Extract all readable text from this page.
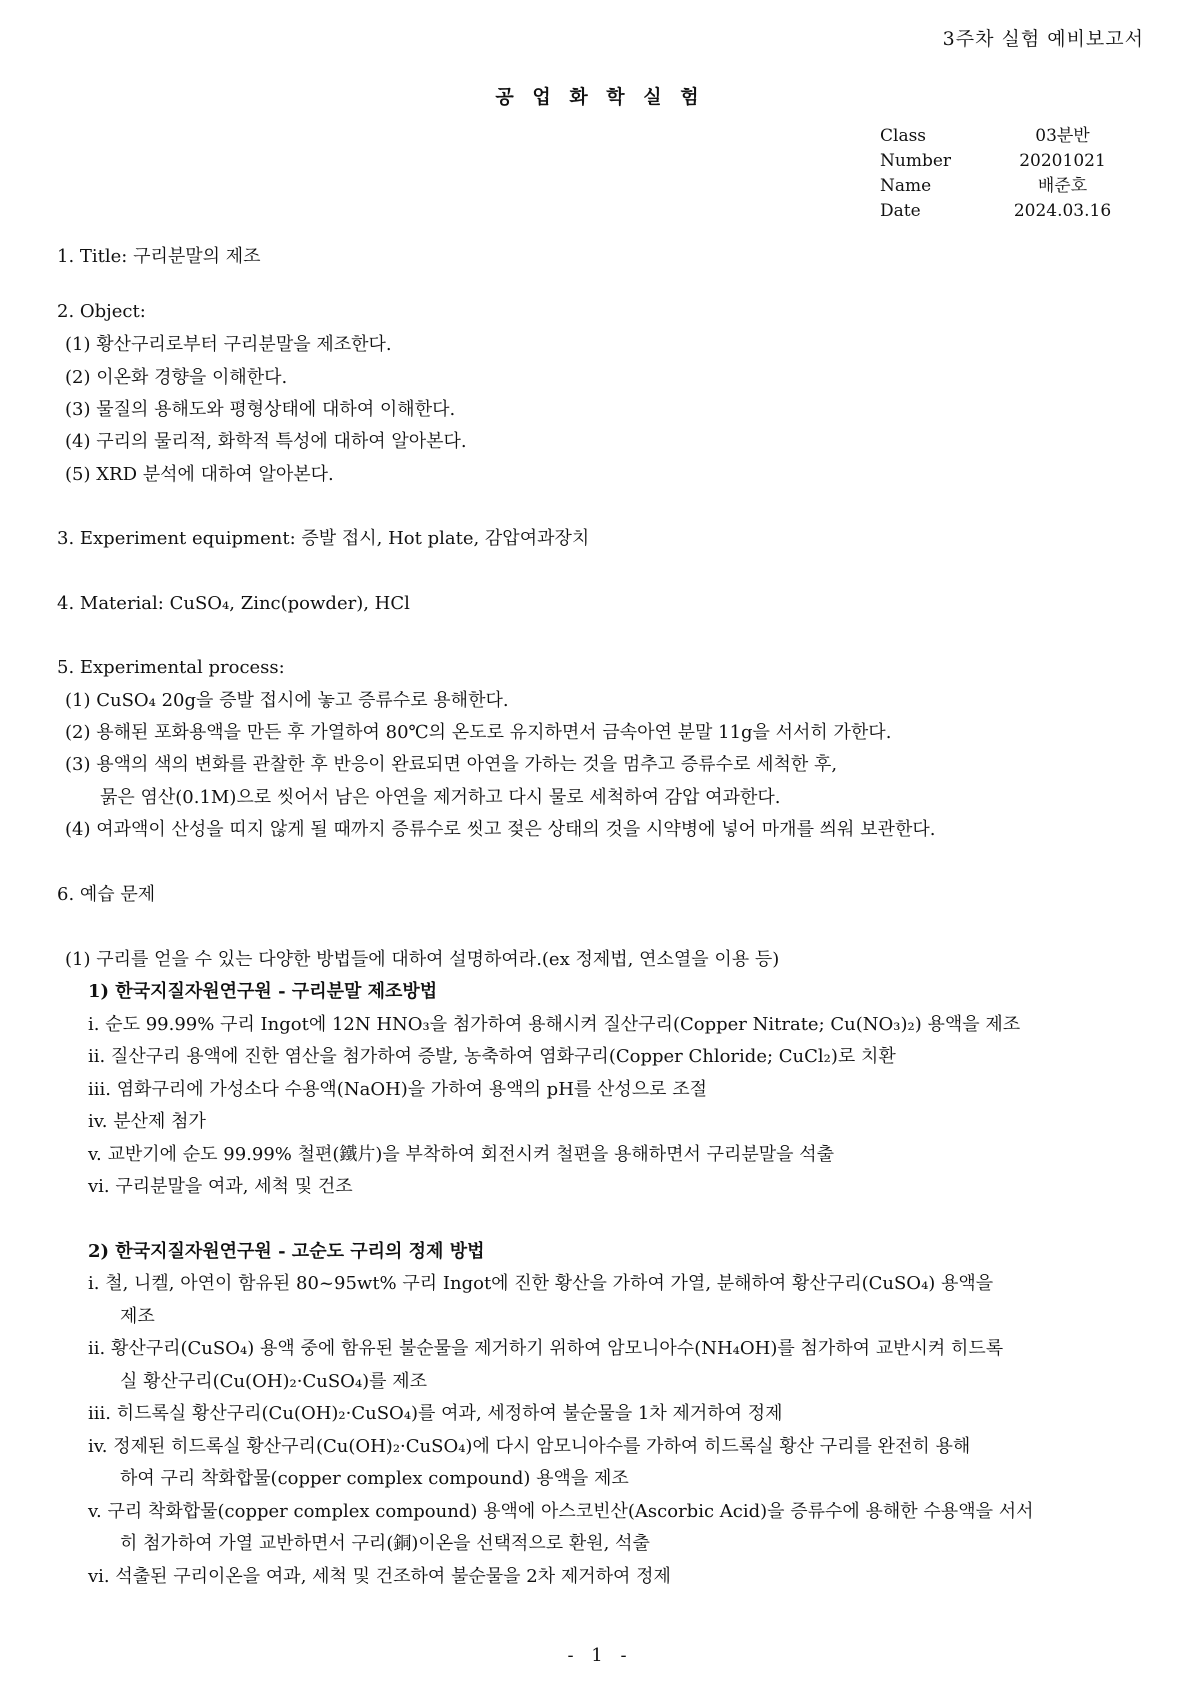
3주차 실험 예비보고서
공 업 화 학 실 험
Class	03분반
Number	20201021
Name	배준호
Date	2024.03.16
1. Title: 구리분말의 제조
2. Object:
(1) 황산구리로부터 구리분말을 제조한다.
(2) 이온화 경향을 이해한다.
(3) 물질의 용해도와 평형상태에 대하여 이해한다.
(4) 구리의 물리적, 화학적 특성에 대하여 알아본다.
(5) XRD 분석에 대하여 알아본다.
3. Experiment equipment: 증발 접시, Hot plate, 감압여과장치
4. Material: CuSO₄, Zinc(powder), HCl
5. Experimental process:
(1) CuSO₄ 20g을 증발 접시에 놓고 증류수로 용해한다.
(2) 용해된 포화용액을 만든 후 가열하여 80℃의 온도로 유지하면서 금속아연 분말 11g을 서서히 가한다.
(3) 용액의 색의 변화를 관찰한 후 반응이 완료되면 아연을 가하는 것을 멈추고 증류수로 세척한 후,
묽은 염산(0.1M)으로 씻어서 남은 아연을 제거하고 다시 물로 세척하여 감압 여과한다.
(4) 여과액이 산성을 띠지 않게 될 때까지 증류수로 씻고 젖은 상태의 것을 시약병에 넣어 마개를 씌워 보관한다.
6. 예습 문제
(1) 구리를 얻을 수 있는 다양한 방법들에 대하여 설명하여라.(ex 정제법, 연소열을 이용 등)
1) 한국지질자원연구원 - 구리분말 제조방법
i. 순도 99.99% 구리 Ingot에 12N HNO₃을 첨가하여 용해시켜 질산구리(Copper Nitrate; Cu(NO₃)₂) 용액을 제조
ii. 질산구리 용액에 진한 염산을 첨가하여 증발, 농축하여 염화구리(Copper Chloride; CuCl₂)로 치환
iii. 염화구리에 가성소다 수용액(NaOH)을 가하여 용액의 pH를 산성으로 조절
iv. 분산제 첨가
v. 교반기에 순도 99.99% 철편(鐵片)을 부착하여 회전시켜 철편을 용해하면서 구리분말을 석출
vi. 구리분말을 여과, 세척 및 건조
2) 한국지질자원연구원 - 고순도 구리의 정제 방법
i. 철, 니켈, 아연이 함유된 80~95wt% 구리 Ingot에 진한 황산을 가하여 가열, 분해하여 황산구리(CuSO₄) 용액을
제조
ii. 황산구리(CuSO₄) 용액 중에 함유된 불순물을 제거하기 위하여 암모니아수(NH₄OH)를 첨가하여 교반시켜 히드록
실 황산구리(Cu(OH)₂·CuSO₄)를 제조
iii. 히드록실 황산구리(Cu(OH)₂·CuSO₄)를 여과, 세정하여 불순물을 1차 제거하여 정제
iv. 정제된 히드록실 황산구리(Cu(OH)₂·CuSO₄)에 다시 암모니아수를 가하여 히드록실 황산 구리를 완전히 용해
하여 구리 착화합물(copper complex compound) 용액을 제조
v. 구리 착화합물(copper complex compound) 용액에 아스코빈산(Ascorbic Acid)을 증류수에 용해한 수용액을 서서
히 첨가하여 가열 교반하면서 구리(銅)이온을 선택적으로 환원, 석출
vi. 석출된 구리이온을 여과, 세척 및 건조하여 불순물을 2차 제거하여 정제
- 1 -
